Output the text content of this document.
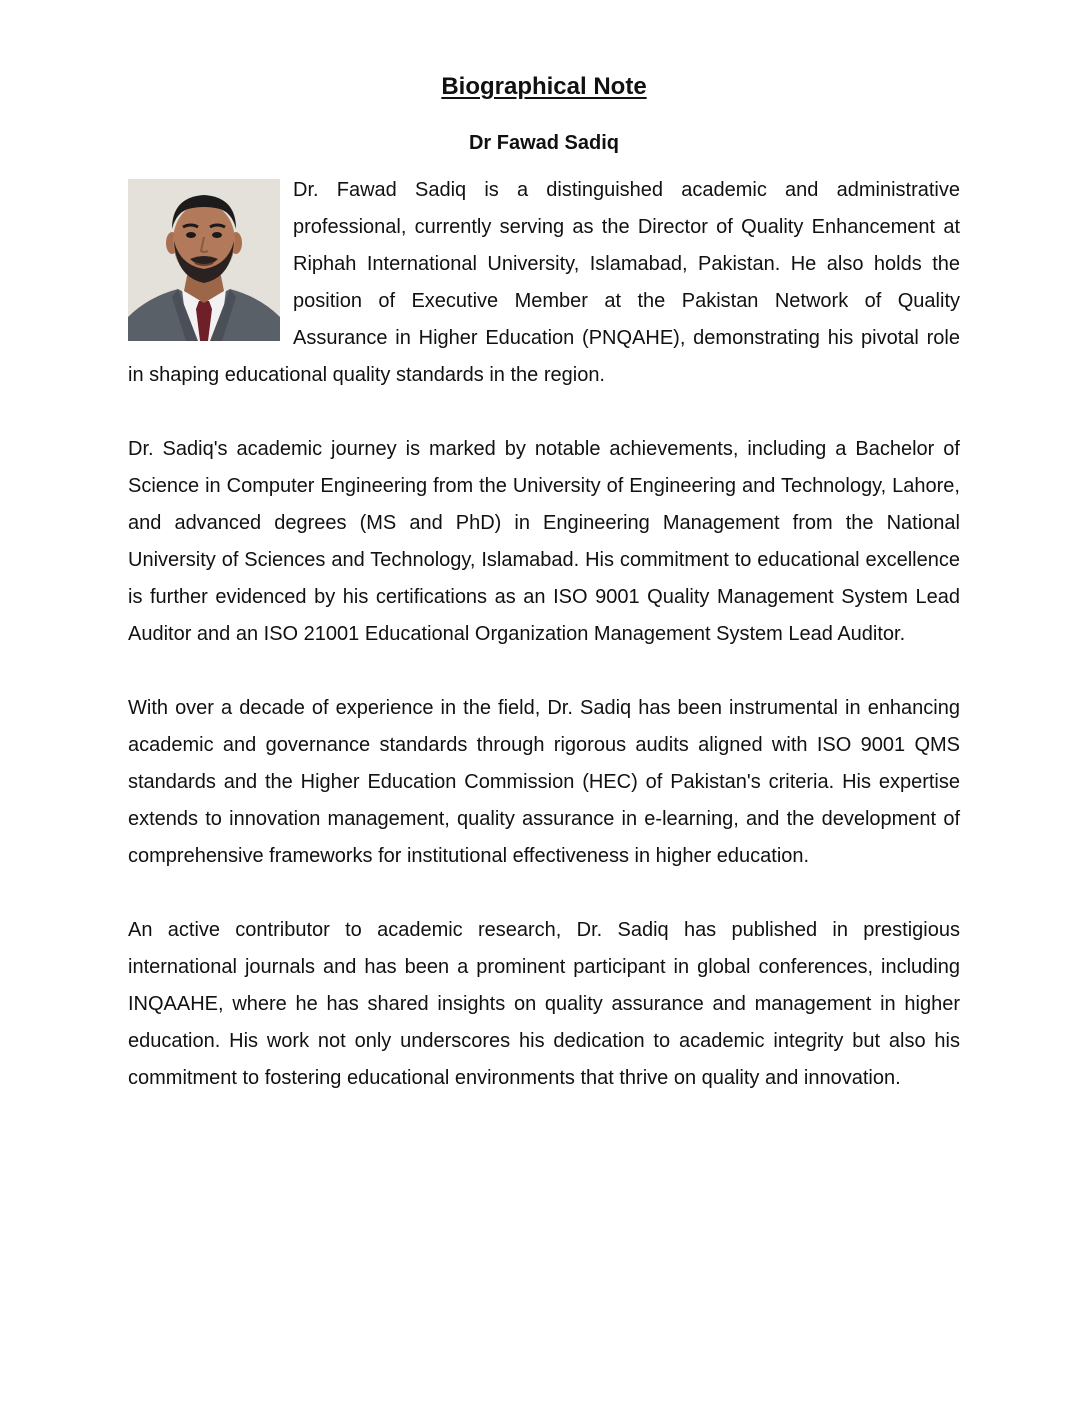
Biographical Note
Dr Fawad Sadiq

Dr. Fawad Sadiq is a distinguished academic and administrative professional, currently serving as the Director of Quality Enhancement at Riphah International University, Islamabad, Pakistan. He also holds the position of Executive Member at the Pakistan Network of Quality Assurance in Higher Education (PNQAHE), demonstrating his pivotal role in shaping educational quality standards in the region.

Dr. Sadiq's academic journey is marked by notable achievements, including a Bachelor of Science in Computer Engineering from the University of Engineering and Technology, Lahore, and advanced degrees (MS and PhD) in Engineering Management from the National University of Sciences and Technology, Islamabad. His commitment to educational excellence is further evidenced by his certifications as an ISO 9001 Quality Management System Lead Auditor and an ISO 21001 Educational Organization Management System Lead Auditor.

With over a decade of experience in the field, Dr. Sadiq has been instrumental in enhancing academic and governance standards through rigorous audits aligned with ISO 9001 QMS standards and the Higher Education Commission (HEC) of Pakistan's criteria. His expertise extends to innovation management, quality assurance in e-learning, and the development of comprehensive frameworks for institutional effectiveness in higher education.

An active contributor to academic research, Dr. Sadiq has published in prestigious international journals and has been a prominent participant in global conferences, including INQAAHE, where he has shared insights on quality assurance and management in higher education. His work not only underscores his dedication to academic integrity but also his commitment to fostering educational environments that thrive on quality and innovation.
